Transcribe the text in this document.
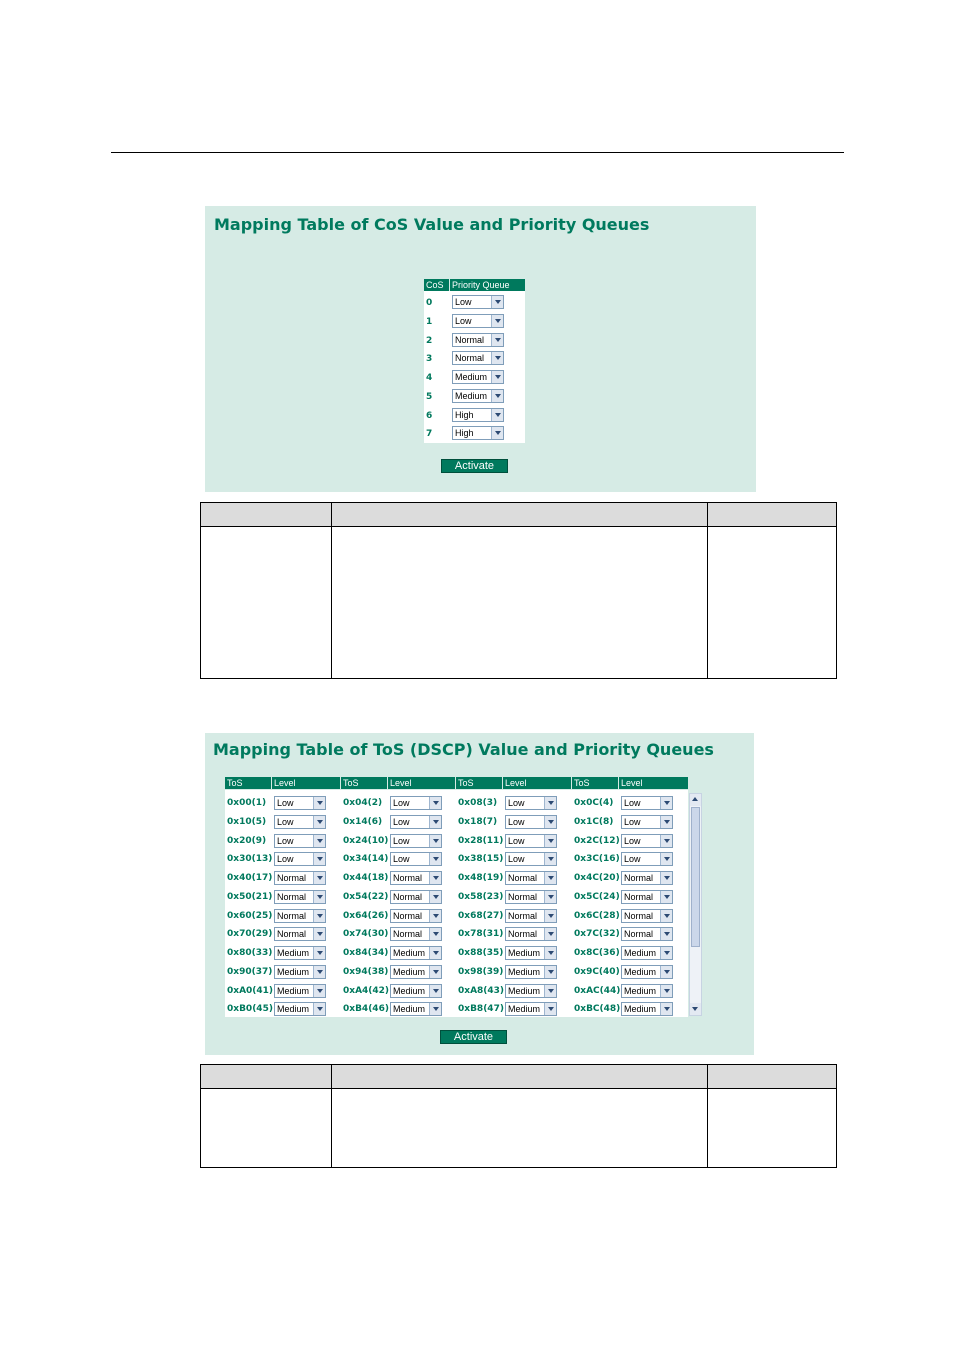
Mapping Table of CoS Value and Priority Queues
CoS Priority Queue
0	Low
1	Low
2	Normal
3	Normal
4	Medium
5	Medium
6	High
7	High
Activate

Mapping Table of ToS (DSCP) Value and Priority Queues
ToS	Level	ToS	Level	ToS	Level	ToS	Level
0x00(1)	Low	0x04(2)	Low	0x08(3)	Low	0x0C(4)	Low
0x10(5)	Low	0x14(6)	Low	0x18(7)	Low	0x1C(8)	Low
0x20(9)	Low	0x24(10) Low	0x28(11) Low	0x2C(12) Low
0x30(13) Low	0x34(14) Low	0x38(15) Low	0x3C(16) Low
0x40(17) Normal	0x44(18) Normal	0x48(19) Normal	0x4C(20) Normal
0x50(21) Normal	0x54(22) Normal	0x58(23) Normal	0x5C(24) Normal
0x60(25) Normal	0x64(26) Normal	0x68(27) Normal	0x6C(28) Normal
0x70(29) Normal	0x74(30) Normal	0x78(31) Normal	0x7C(32) Normal
0x80(33) Medium	0x84(34) Medium	0x88(35) Medium	0x8C(36) Medium
0x90(37) Medium	0x94(38) Medium	0x98(39) Medium	0x9C(40) Medium
0xA0(41) Medium	0xA4(42) Medium	0xA8(43) Medium	0xAC(44) Medium
0xB0(45) Medium	0xB4(46) Medium	0xB8(47) Medium	0xBC(48) Medium
Activate
